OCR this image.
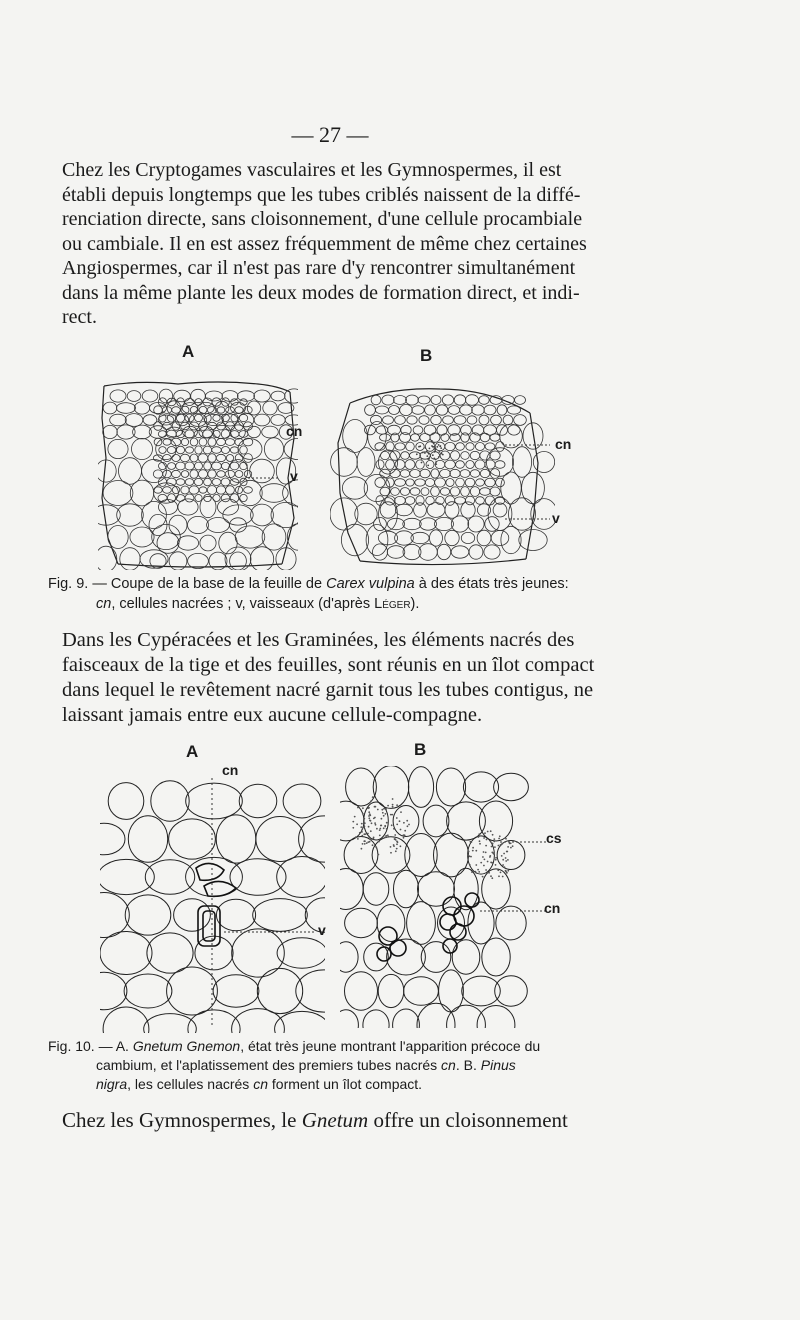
— 27 —
Chez les Cryptogames vasculaires et les Gymnospermes, il est
établi depuis longtemps que les tubes criblés naissent de la diffé-
renciation directe, sans cloisonnement, d'une cellule procambiale
ou cambiale. Il en est assez fréquemment de même chez certaines
Angiospermes, car il n'est pas rare d'y rencontrer simultanément
dans la même plante les deux modes de formation direct, et indi-
rect.
A	B
cn
v
cn
v
Fig. 9. — Coupe de la base de la feuille de Carex vulpina à des états très jeunes:
cn, cellules nacrées ; v, vaisseaux (d'après Léger).
Dans les Cypéracées et les Graminées, les éléments nacrés des
faisceaux de la tige et des feuilles, sont réunis en un îlot compact
dans lequel le revêtement nacré garnit tous les tubes contigus, ne
laissant jamais entre eux aucune cellule-compagne.
A	B
cn
v
cs
cn
Fig. 10. — A. Gnetum Gnemon, état très jeune montrant l'apparition précoce du
cambium, et l'aplatissement des premiers tubes nacrés cn. B. Pinus
nigra, les cellules nacrés cn forment un îlot compact.
Chez les Gymnospermes, le Gnetum offre un cloisonnement
